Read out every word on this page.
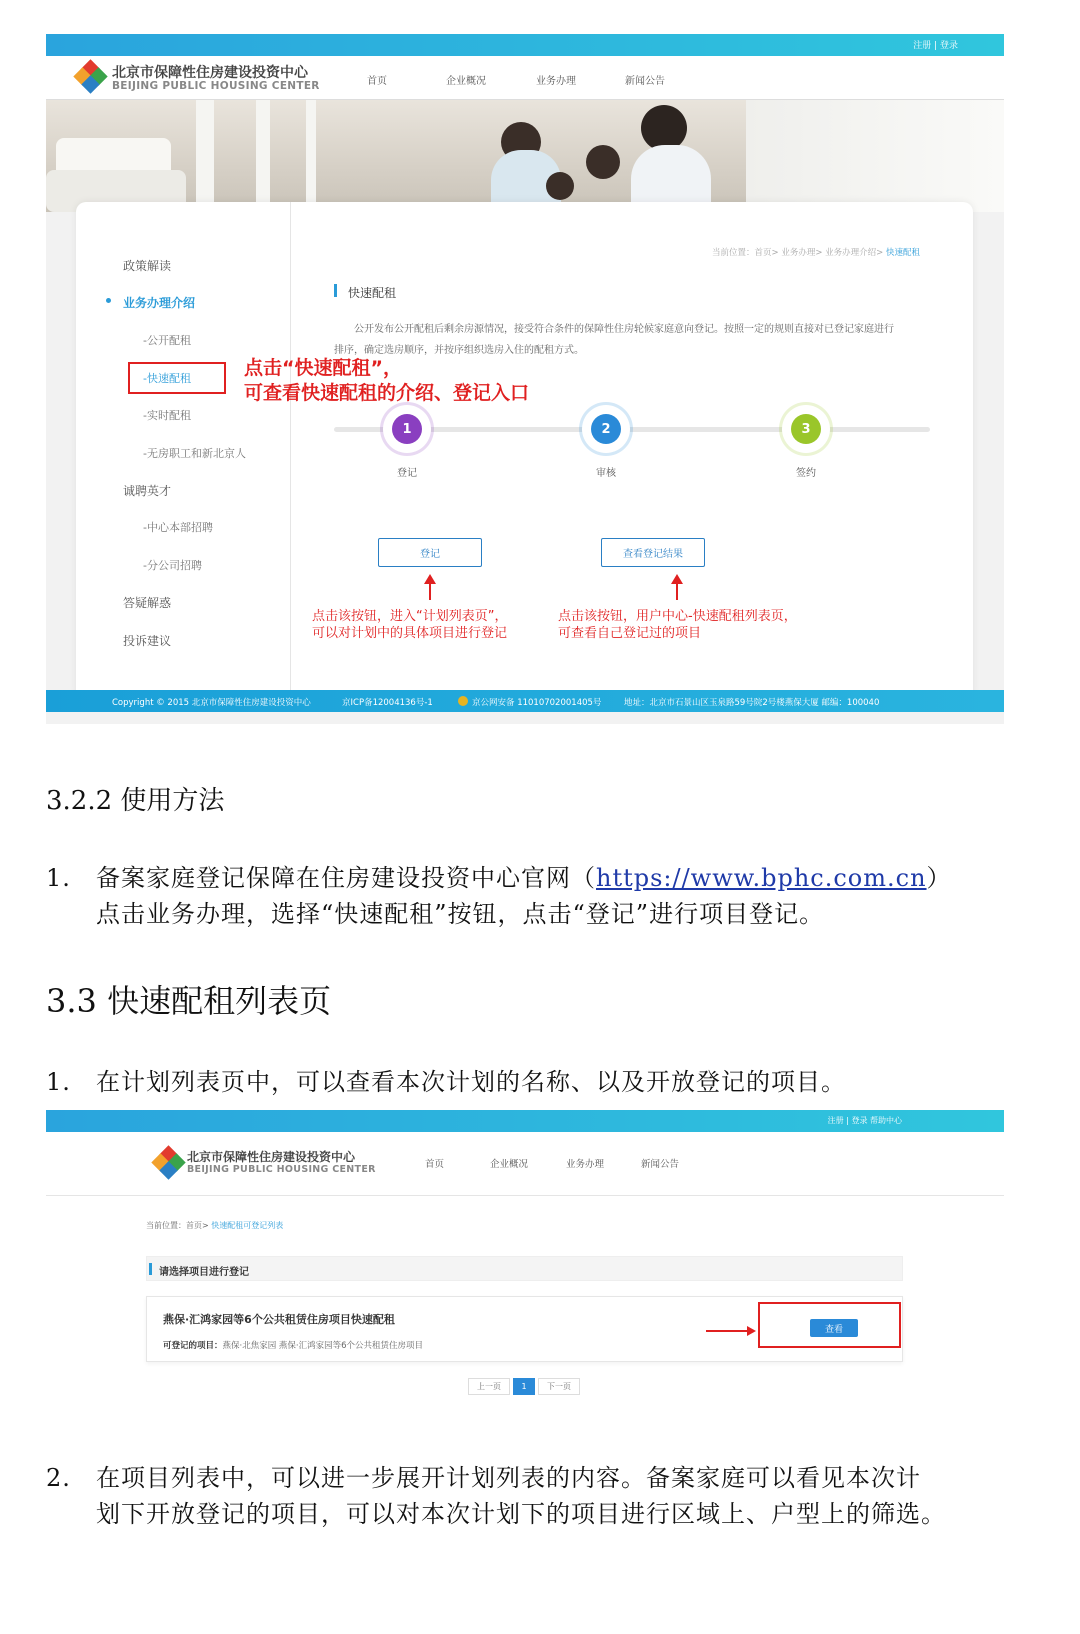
注册 | 登录
北京市保障性住房建设投资中心
BEIJING PUBLIC HOUSING CENTER	首页	企业概况	业务办理	新闻公告
政策解读
业务办理介绍
-公开配租
-快速配租
-实时配租
-无房职工和新北京人
诚聘英才
-中心本部招聘
-分公司招聘
答疑解惑
投诉建议
点击“快速配租”，
可查看快速配租的介绍、登记入口
当前位置：首页> 业务办理> 业务办理介绍> 快速配租
快速配租
公开发布公开配租后剩余房源情况，接受符合条件的保障性住房轮候家庭意向登记。按照一定的规则直接对已登记家庭进行
排序，确定选房顺序，并按序组织选房入住的配租方式。
1
登记
2
审核
3
签约
登记	查看登记结果
点击该按钮，进入“计划列表页”，
可以对计划中的具体项目进行登记
点击该按钮，用户中心-快速配租列表页，
可查看自己登记过的项目
Copyright © 2015 北京市保障性住房建设投资中心	京ICP备12004136号-1	京公网安备 11010702001405号	地址：北京市石景山区玉泉路59号院2号楼燕保大厦 邮编：100040
3.2.2 使用方法
1. 备案家庭登记保障在住房建设投资中心官网（https://www.bphc.com.cn）
点击业务办理，选择“快速配租”按钮，点击“登记”进行项目登记。
3.3 快速配租列表页
1. 在计划列表页中，可以查看本次计划的名称、以及开放登记的项目。
注册 | 登录 帮助中心
北京市保障性住房建设投资中心
BEIJING PUBLIC HOUSING CENTER	首页	企业概况	业务办理	新闻公告
当前位置：首页> 快速配租可登记列表
请选择项目进行登记
燕保·汇鸿家园等6个公共租赁住房项目快速配租
可登记的项目：燕保·北焦家园 燕保·汇鸿家园等6个公共租赁住房项目
查看
上一页	1	下一页
2. 在项目列表中，可以进一步展开计划列表的内容。备案家庭可以看见本次计
划下开放登记的项目，可以对本次计划下的项目进行区域上、户型上的筛选。
